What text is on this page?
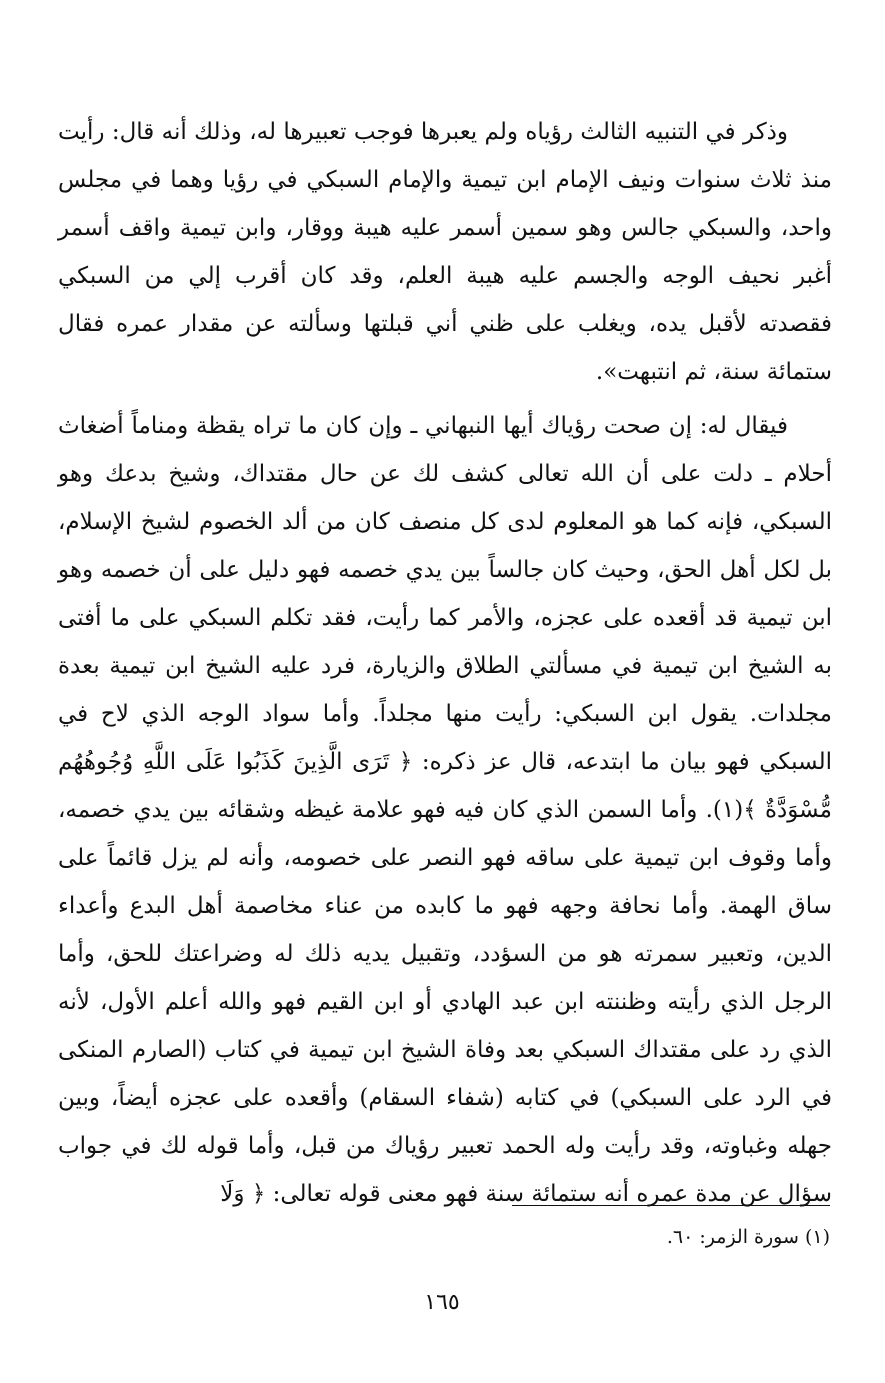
وذكر في التنبيه الثالث رؤياه ولم يعبرها فوجب تعبيرها له، وذلك أنه قال: رأيت منذ ثلاث سنوات ونيف الإمام ابن تيمية والإمام السبكي في رؤيا وهما في مجلس واحد، والسبكي جالس وهو سمين أسمر عليه هيبة ووقار، وابن تيمية واقف أسمر أغبر نحيف الوجه والجسم عليه هيبة العلم، وقد كان أقرب إلي من السبكي فقصدته لأقبل يده، ويغلب على ظني أني قبلتها وسألته عن مقدار عمره فقال ستمائة سنة، ثم انتبهت».

فيقال له: إن صحت رؤياك أيها النبهاني ـ وإن كان ما تراه يقظة ومناماً أضغاث أحلام ـ دلت على أن الله تعالى كشف لك عن حال مقتداك، وشيخ بدعك وهو السبكي، فإنه كما هو المعلوم لدى كل منصف كان من ألد الخصوم لشيخ الإسلام، بل لكل أهل الحق، وحيث كان جالساً بين يدي خصمه فهو دليل على أن خصمه وهو ابن تيمية قد أقعده على عجزه، والأمر كما رأيت، فقد تكلم السبكي على ما أفتى به الشيخ ابن تيمية في مسألتي الطلاق والزيارة، فرد عليه الشيخ ابن تيمية بعدة مجلدات. يقول ابن السبكي: رأيت منها مجلداً. وأما سواد الوجه الذي لاح في السبكي فهو بيان ما ابتدعه، قال عز ذكره: ﴿ تَرَى الَّذِينَ كَذَبُوا عَلَى اللَّهِ وُجُوهُهُم مُّسْوَدَّةٌ ﴾(١). وأما السمن الذي كان فيه فهو علامة غيظه وشقائه بين يدي خصمه، وأما وقوف ابن تيمية على ساقه فهو النصر على خصومه، وأنه لم يزل قائماً على ساق الهمة. وأما نحافة وجهه فهو ما كابده من عناء مخاصمة أهل البدع وأعداء الدين، وتعبير سمرته هو من السؤدد، وتقبيل يديه ذلك له وضراعتك للحق، وأما الرجل الذي رأيته وظننته ابن عبد الهادي أو ابن القيم فهو والله أعلم الأول، لأنه الذي رد على مقتداك السبكي بعد وفاة الشيخ ابن تيمية في كتاب (الصارم المنكى في الرد على السبكي) في كتابه (شفاء السقام) وأقعده على عجزه أيضاً، وبين جهله وغباوته، وقد رأيت وله الحمد تعبير رؤياك من قبل، وأما قوله لك في جواب سؤال عن مدة عمره أنه ستمائة سنة فهو معنى قوله تعالى: ﴿ وَلَا

(١) سورة الزمر: ٦٠.
١٦٥
